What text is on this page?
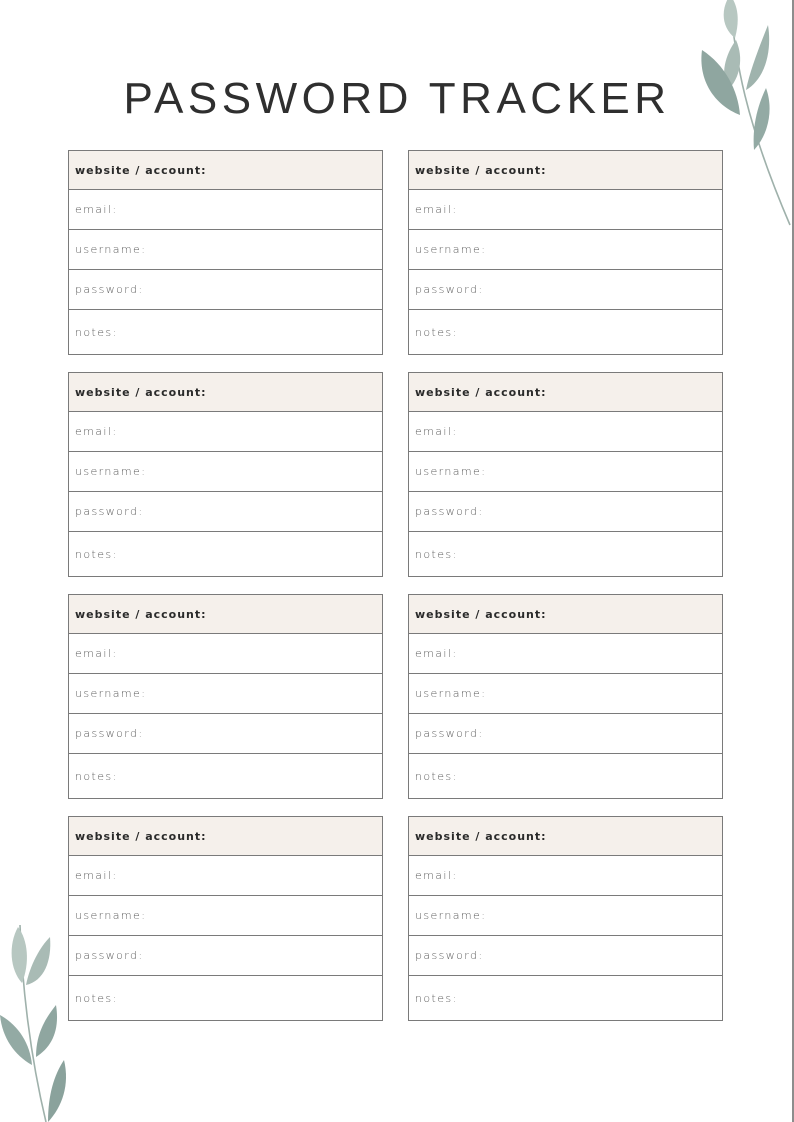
PASSWORD TRACKER
website / account:
email:
username:
password:
notes:
website / account:
email:
username:
password:
notes:
website / account:
email:
username:
password:
notes:
website / account:
email:
username:
password:
notes:
website / account:
email:
username:
password:
notes:
website / account:
email:
username:
password:
notes:
website / account:
email:
username:
password:
notes:
website / account:
email:
username:
password:
notes:
